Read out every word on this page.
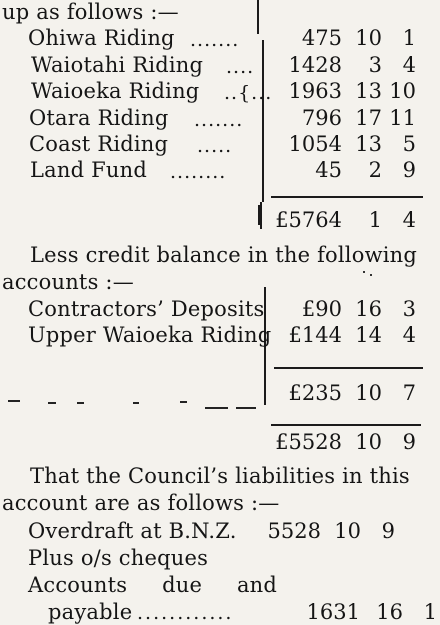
up as follows :—
Ohiwa Riding .......	475 10 1
Waiotahi Riding .... 1428 3 4
Waioeka Riding ..{... 1963 13 10
Otara Riding .......	796 17 11
Coast Riding .....	1054 13 5
Land Fund ........	45 2 9
£5764 1 4
Less credit balance in the following
accounts :—
Contractors’ Deposits £90 16 3
Upper Waioeka Riding £144 14 4
£235 10 7
£5528 10 9
That the Council’s liabilities in this
account are as follows :—
Overdraft at B.N.Z. 5528 10 9
Plus o/s cheques
Accounts due and
payable ............	1631 16 1
